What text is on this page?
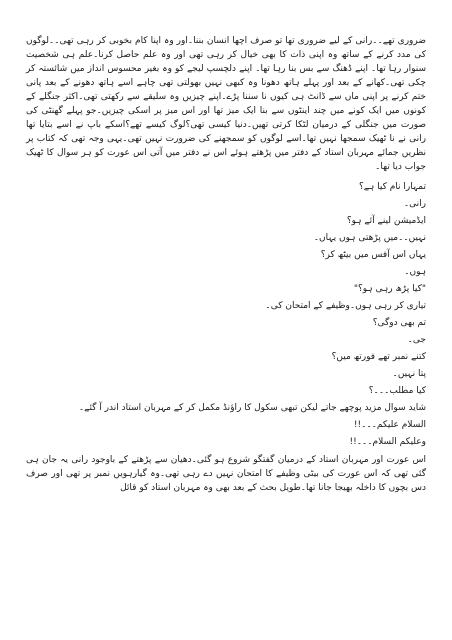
ضروری تھے۔۔رانی کے لیے ضروری تھا تو صرف اچھا انسان بننا۔اور وہ اپنا کام بخوبی کر رہی تھی۔۔لوگوں کی مدد کرنے کے ساتھ وہ اپنی ذات کا بھی خیال کر رہی تھی اور وہ علم حاصل کرنا۔علم ہی شخصیت سنوار رہا تھا۔ اپنے ڈھنگ سے بس بنا رہا تھا۔ اپنے دلچسپ لیجے کو وہ بغیر محسوس انداز میں شائستہ کر چکی تھی۔کھانے کے بعد اور پہلے ہاتھ دھونا وہ کبھی نہیں بھولتی تھی چاہے اسے ہاتھ دھونے کے بعد پانی ختم کرنے پر اپنی ماں سے ڈانٹ ہی کیوں نا سننا پڑے۔اپنے چیزیں وہ سلیقے سے رکھتی تھی۔اکثر جنگلے کے کونوں میں ایک کونے میں چند اینٹوں سے بنا ایک میز تھا اور اس میز پر اسکی چیزیں۔جو پہلے گھنٹی کی صورت میں جنگلی کے درمیان لٹکا کرتی تھیں۔دنیا کیسی تھی؟لوگ کیسے تھے؟اسکے باپ نے اسے بتایا تھا رانی نے نا ٹھیک سمجھا نہیں تھا۔اسے لوگوں کو سمجھنے کی ضرورت نہیں تھی۔یہی وجہ تھی کہ کتاب پر نظریں جمائے مہربان استاد کے دفتر میں پڑھتے ہوئے اس نے دفتر میں آتی اس عورت کو ہر سوال کا ٹھیک جواب دیا تھا۔

تمہارا نام کیا ہے؟
رانی۔
ایڈمیشن لینے آئے ہو؟
نہیں۔۔میں پڑھتی ہوں یہاں۔
یہاں اس آفس میں بیٹھ کر؟
ہوں۔
"کیا پڑھ رہی ہو؟"
تیاری کر رہی ہوں۔وظیفے کے امتحان کی۔
تم بھی دوگی؟
جی۔
کتنے نمبر تھے فورتھ میں؟
پتا نہیں۔
کیا مطلب۔۔۔؟
شاید سوال مزید پوچھے جاتے لیکن تبھی سکول کا راؤنڈ مکمل کر کے مہربان استاد اندر آ گئے۔
السلام علیکم۔۔۔!!
وعلیکم السلام۔۔۔!!

اس عورت اور مہربان استاد کے درمیان گفتگو شروع ہو گئی۔دھیان سے پڑھتے کے باوجود رانی یہ جان ہی گئی تھی کہ اس عورت کی بیٹی وظیفے کا امتحان نہیں دے رہی تھی۔وہ گیارہویں نمبر پر تھی اور صرف دس بچوں کا داخلہ بھیجا جانا تھا۔طویل بحث کے بعد بھی وہ مہربان استاد کو قائل
